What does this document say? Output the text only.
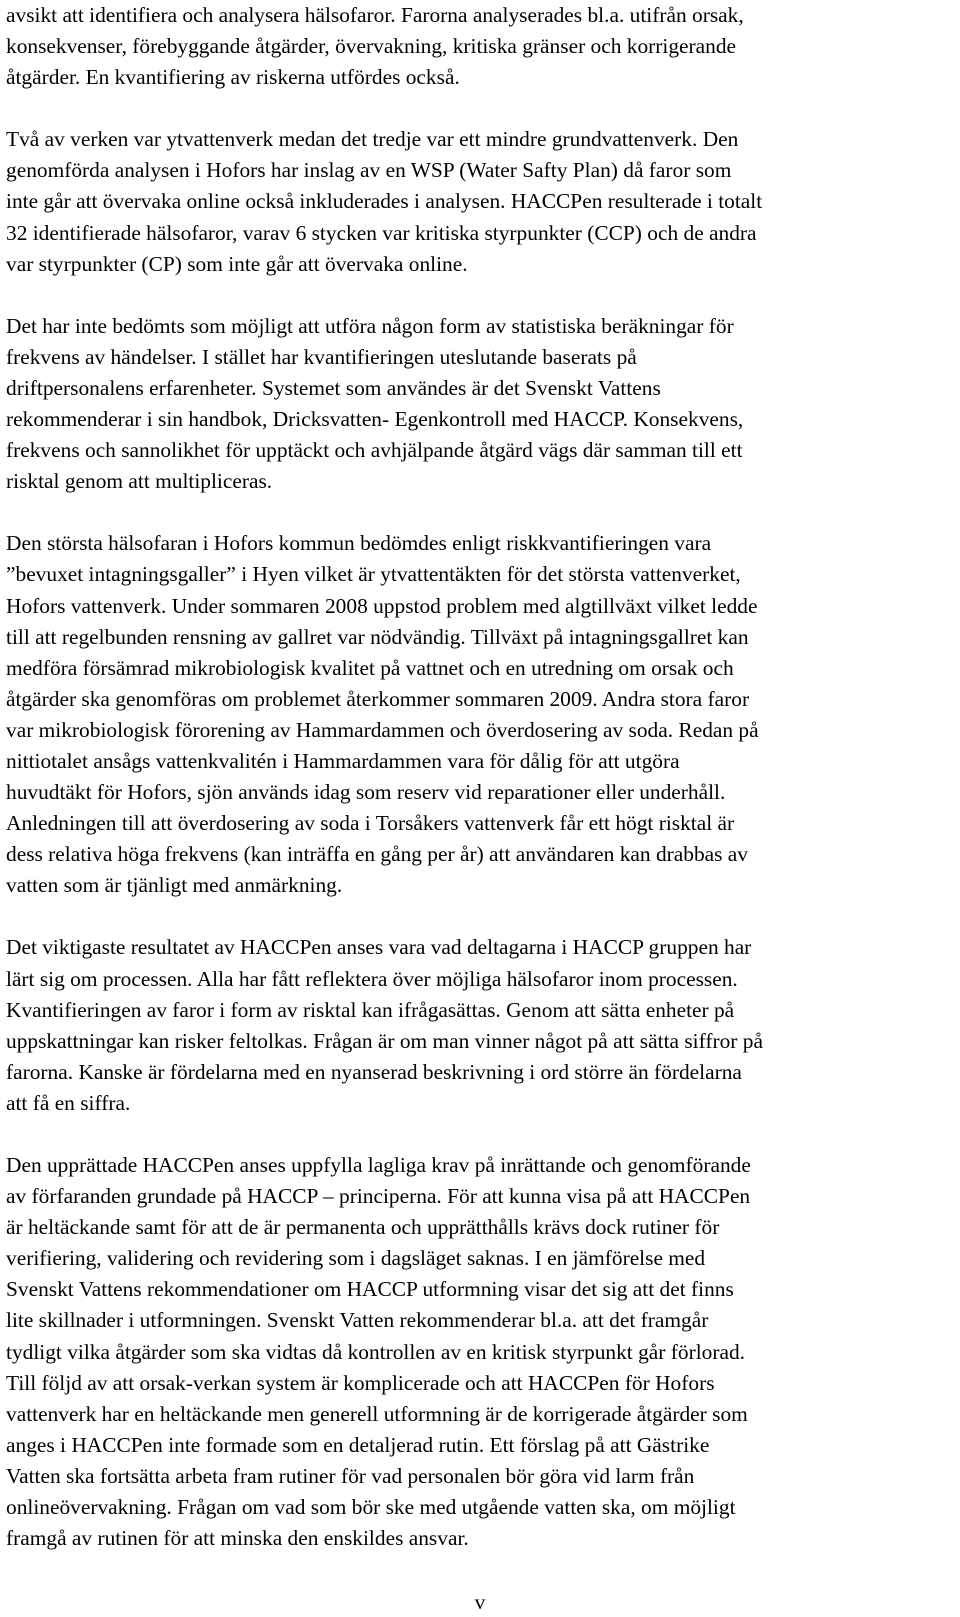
avsikt att identifiera och analysera hälsofaror. Farorna analyserades bl.a. utifrån orsak,
konsekvenser, förebyggande åtgärder, övervakning, kritiska gränser och korrigerande
åtgärder. En kvantifiering av riskerna utfördes också.

Två av verken var ytvattenverk medan det tredje var ett mindre grundvattenverk. Den
genomförda analysen i Hofors har inslag av en WSP (Water Safty Plan) då faror som
inte går att övervaka online också inkluderades i analysen. HACCPen resulterade i totalt
32 identifierade hälsofaror, varav 6 stycken var kritiska styrpunkter (CCP) och de andra
var styrpunkter (CP) som inte går att övervaka online.

Det har inte bedömts som möjligt att utföra någon form av statistiska beräkningar för
frekvens av händelser. I stället har kvantifieringen uteslutande baserats på
driftpersonalens erfarenheter. Systemet som användes är det Svenskt Vattens
rekommenderar i sin handbok, Dricksvatten- Egenkontroll med HACCP. Konsekvens,
frekvens och sannolikhet för upptäckt och avhjälpande åtgärd vägs där samman till ett
risktal genom att multipliceras.

Den största hälsofaran i Hofors kommun bedömdes enligt riskkvantifieringen vara
”bevuxet intagningsgaller” i Hyen vilket är ytvattentäkten för det största vattenverket,
Hofors vattenverk. Under sommaren 2008 uppstod problem med algtillväxt vilket ledde
till att regelbunden rensning av gallret var nödvändig. Tillväxt på intagningsgallret kan
medföra försämrad mikrobiologisk kvalitet på vattnet och en utredning om orsak och
åtgärder ska genomföras om problemet återkommer sommaren 2009. Andra stora faror
var mikrobiologisk förorening av Hammardammen och överdosering av soda. Redan på
nittiotalet ansågs vattenkvalitén i Hammardammen vara för dålig för att utgöra
huvudtäkt för Hofors, sjön används idag som reserv vid reparationer eller underhåll.
Anledningen till att överdosering av soda i Torsåkers vattenverk får ett högt risktal är
dess relativa höga frekvens (kan inträffa en gång per år) att användaren kan drabbas av
vatten som är tjänligt med anmärkning.

Det viktigaste resultatet av HACCPen anses vara vad deltagarna i HACCP gruppen har
lärt sig om processen. Alla har fått reflektera över möjliga hälsofaror inom processen.
Kvantifieringen av faror i form av risktal kan ifrågasättas. Genom att sätta enheter på
uppskattningar kan risker feltolkas. Frågan är om man vinner något på att sätta siffror på
farorna. Kanske är fördelarna med en nyanserad beskrivning i ord större än fördelarna
att få en siffra.

Den upprättade HACCPen anses uppfylla lagliga krav på inrättande och genomförande
av förfaranden grundade på HACCP – principerna. För att kunna visa på att HACCPen
är heltäckande samt för att de är permanenta och upprätthålls krävs dock rutiner för
verifiering, validering och revidering som i dagsläget saknas. I en jämförelse med
Svenskt Vattens rekommendationer om HACCP utformning visar det sig att det finns
lite skillnader i utformningen. Svenskt Vatten rekommenderar bl.a. att det framgår
tydligt vilka åtgärder som ska vidtas då kontrollen av en kritisk styrpunkt går förlorad.
Till följd av att orsak-verkan system är komplicerade och att HACCPen för Hofors
vattenverk har en heltäckande men generell utformning är de korrigerade åtgärder som
anges i HACCPen inte formade som en detaljerad rutin. Ett förslag på att Gästrike
Vatten ska fortsätta arbeta fram rutiner för vad personalen bör göra vid larm från
onlineövervakning. Frågan om vad som bör ske med utgående vatten ska, om möjligt
framgå av rutinen för att minska den enskildes ansvar.

v
